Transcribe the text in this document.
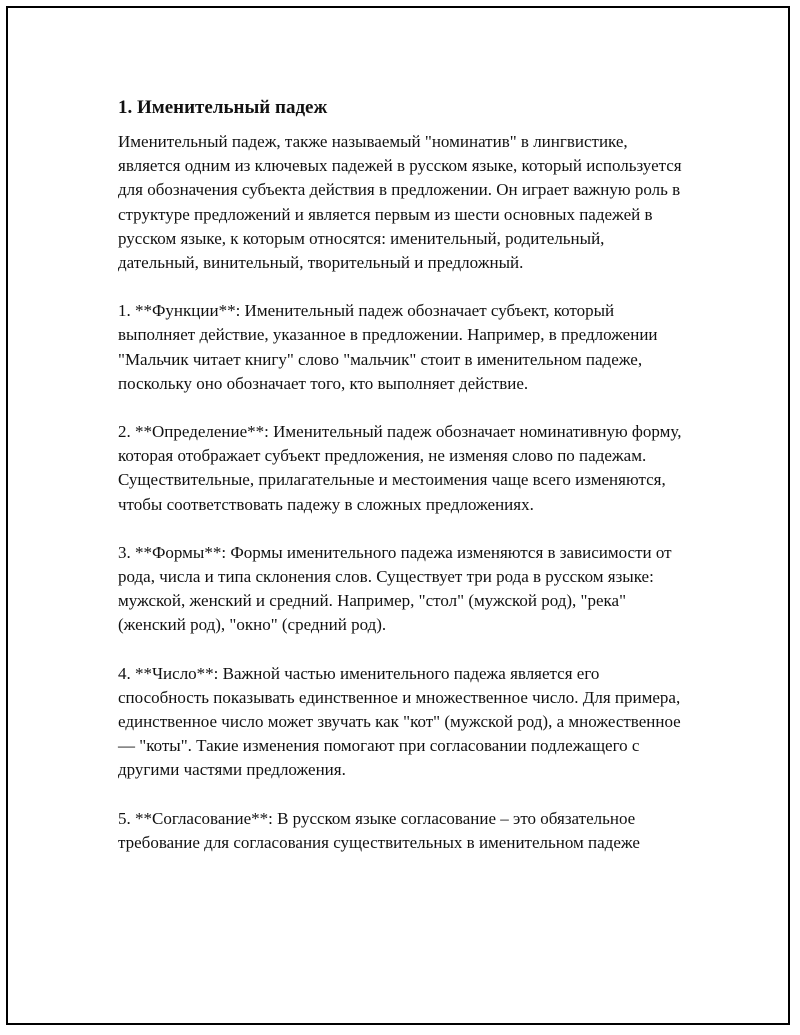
1. Именительный падеж

Именительный падеж, также называемый "номинатив" в лингвистике, является одним из ключевых падежей в русском языке, который используется для обозначения субъекта действия в предложении. Он играет важную роль в структуре предложений и является первым из шести основных падежей в русском языке, к которым относятся: именительный, родительный, дательный, винительный, творительный и предложный.

1. **Функции**: Именительный падеж обозначает субъект, который выполняет действие, указанное в предложении. Например, в предложении "Мальчик читает книгу" слово "мальчик" стоит в именительном падеже, поскольку оно обозначает того, кто выполняет действие.

2. **Определение**: Именительный падеж обозначает номинативную форму, которая отображает субъект предложения, не изменяя слово по падежам. Существительные, прилагательные и местоимения чаще всего изменяются, чтобы соответствовать падежу в сложных предложениях.

3. **Формы**: Формы именительного падежа изменяются в зависимости от рода, числа и типа склонения слов. Существует три рода в русском языке: мужской, женский и средний. Например, "стол" (мужской род), "река" (женский род), "окно" (средний род).

4. **Число**: Важной частью именительного падежа является его способность показывать единственное и множественное число. Для примера, единственное число может звучать как "кот" (мужской род), а множественное — "коты". Такие изменения помогают при согласовании подлежащего с другими частями предложения.

5. **Согласование**: В русском языке согласование – это обязательное требование для согласования существительных в именительном падеже
